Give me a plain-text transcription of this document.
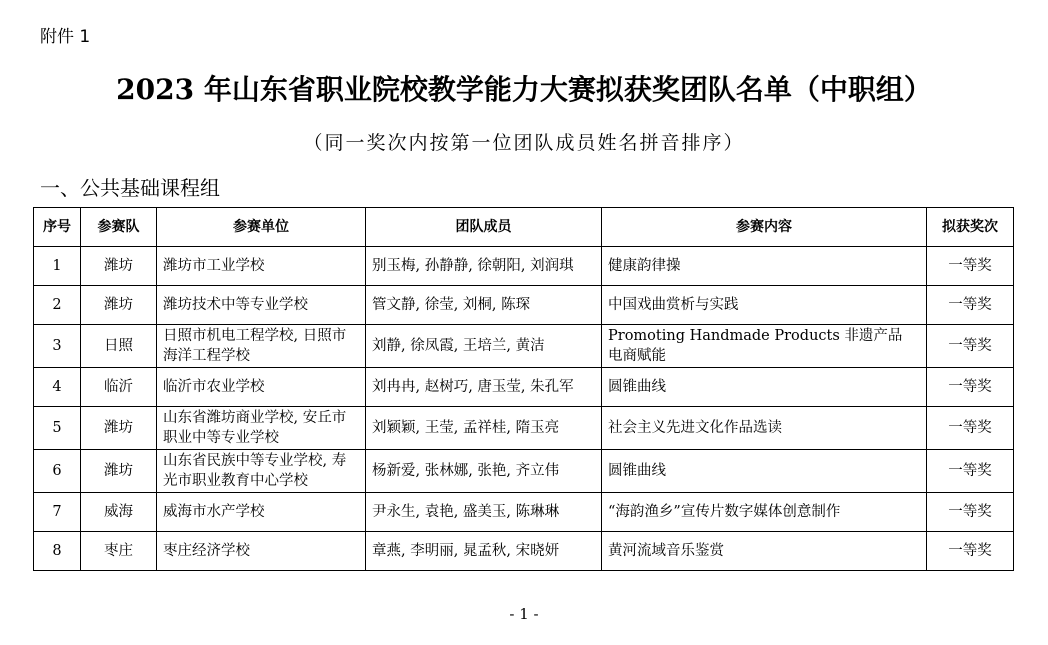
附件 1
2023 年山东省职业院校教学能力大赛拟获奖团队名单（中职组）
（同一奖次内按第一位团队成员姓名拼音排序）
一、公共基础课程组
序号	参赛队	参赛单位	团队成员	参赛内容	拟获奖次
1	潍坊	潍坊市工业学校	别玉梅, 孙静静, 徐朝阳, 刘润琪	健康韵律操	一等奖
2	潍坊	潍坊技术中等专业学校	管文静, 徐莹, 刘桐, 陈琛	中国戏曲赏析与实践	一等奖
3	日照	日照市机电工程学校, 日照市海洋工程学校	刘静, 徐凤霞, 王培兰, 黄洁	Promoting Handmade Products 非遗产品 电商赋能	一等奖
4	临沂	临沂市农业学校	刘冉冉, 赵树巧, 唐玉莹, 朱孔军	圆锥曲线	一等奖
5	潍坊	山东省潍坊商业学校, 安丘市职业中等专业学校	刘颖颖, 王莹, 孟祥桂, 隋玉亮	社会主义先进文化作品选读	一等奖
6	潍坊	山东省民族中等专业学校, 寿光市职业教育中心学校	杨新爱, 张林娜, 张艳, 齐立伟	圆锥曲线	一等奖
7	威海	威海市水产学校	尹永生, 袁艳, 盛美玉, 陈琳琳	“海韵渔乡”宣传片数字媒体创意制作	一等奖
8	枣庄	枣庄经济学校	章燕, 李明丽, 晁孟秋, 宋晓妍	黄河流域音乐鉴赏	一等奖
- 1 -
